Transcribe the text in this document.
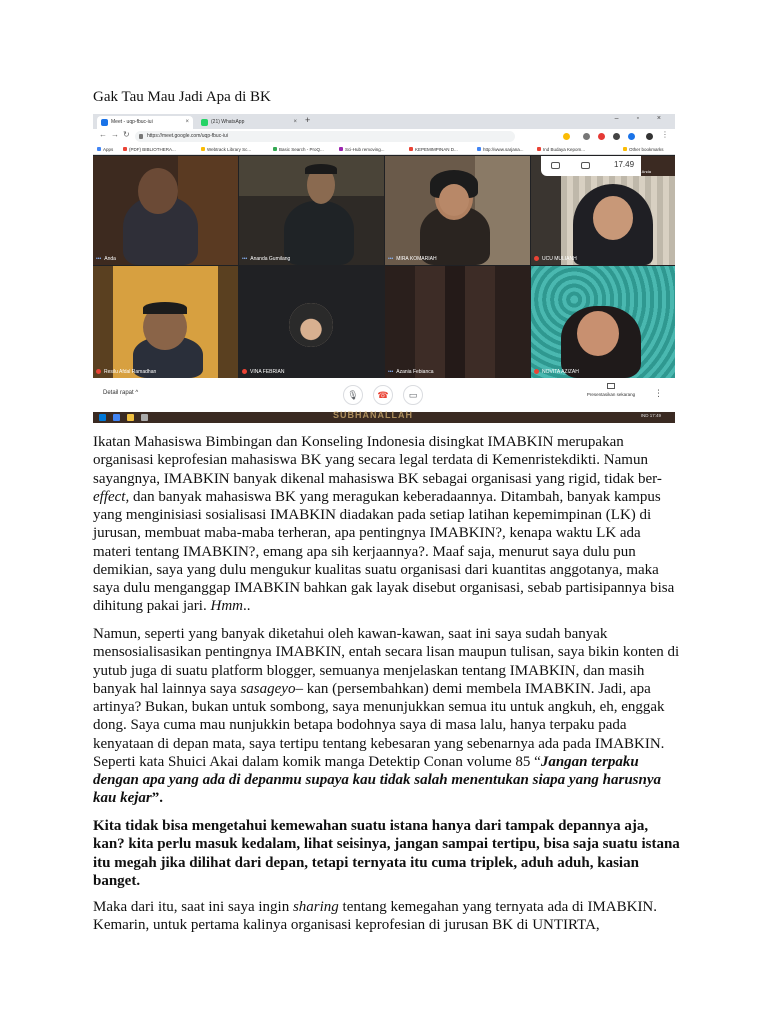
Gak Tau Mau Jadi Apa di BK
Meet - uqp-fbuc-iui	×	(21) WhatsApp	× +	– ▫ ×
← → ↻	https://meet.google.com/uqp-fbuc-iui	⋮
Apps	(PDF) BIBLIOTHERA...	Webtrack Library Sc...	Basic Search - ProQ...	Sci-Hub removing...	KEPEMIMPINAN D...	http://www.sarjana...	Ind Budaya Kepom...	Other bookmarks
••• Anda	••• Ananda Gumilang	••• MIRA KOMARIAH	UCU MULIANH
Resilu Afdal Ramadhan	VINA FEBRIAN	••• Azania Febianca	NOVITA AZIZAH
17.49
Anda
Detail rapat ^	🎙	☎	▭	Presentasikan sekarang	⋮
SUBHANALLAH	IND 17:49

Ikatan Mahasiswa Bimbingan dan Konseling Indonesia disingkat IMABKIN merupakan organisasi keprofesian mahasiswa BK yang secara legal terdata di Kemenristekdikti. Namun sayangnya, IMABKIN banyak dikenal mahasiswa BK sebagai organisasi yang rigid, tidak ber-effect, dan banyak mahasiswa BK yang meragukan keberadaannya. Ditambah, banyak kampus yang menginisiasi sosialisasi IMABKIN diadakan pada setiap latihan kepemimpinan (LK) di jurusan, membuat maba-maba terheran, apa pentingnya IMABKIN?, kenapa waktu LK ada materi tentang IMABKIN?, emang apa sih kerjaannya?. Maaf saja, menurut saya dulu pun demikian, saya yang dulu mengukur kualitas suatu organisasi dari kuantitas anggotanya, maka saya dulu menganggap IMABKIN bahkan gak layak disebut organisasi, sebab partisipannya bisa dihitung pakai jari. Hmm..

Namun, seperti yang banyak diketahui oleh kawan-kawan, saat ini saya sudah banyak mensosialisasikan pentingnya IMABKIN, entah secara lisan maupun tulisan, saya bikin konten di yutub juga di suatu platform blogger, semuanya menjelaskan tentang IMABKIN, dan masih banyak hal lainnya saya sasageyo– kan (persembahkan) demi membela IMABKIN. Jadi, apa artinya? Bukan, bukan untuk sombong, saya menunjukkan semua itu untuk angkuh, eh, enggak dong. Saya cuma mau nunjukkin betapa bodohnya saya di masa lalu, hanya terpaku pada kenyataan di depan mata, saya tertipu tentang kebesaran yang sebenarnya ada pada IMABKIN. Seperti kata Shuici Akai dalam komik manga Detektip Conan volume 85 “Jangan terpaku dengan apa yang ada di depanmu supaya kau tidak salah menentukan siapa yang harusnya kau kejar”.

Kita tidak bisa mengetahui kemewahan suatu istana hanya dari tampak depannya aja, kan? kita perlu masuk kedalam, lihat seisinya, jangan sampai tertipu, bisa saja suatu istana itu megah jika dilihat dari depan, tetapi ternyata itu cuma triplek, aduh aduh, kasian banget.

Maka dari itu, saat ini saya ingin sharing tentang kemegahan yang ternyata ada di IMABKIN. Kemarin, untuk pertama kalinya organisasi keprofesian di jurusan BK di UNTIRTA,
